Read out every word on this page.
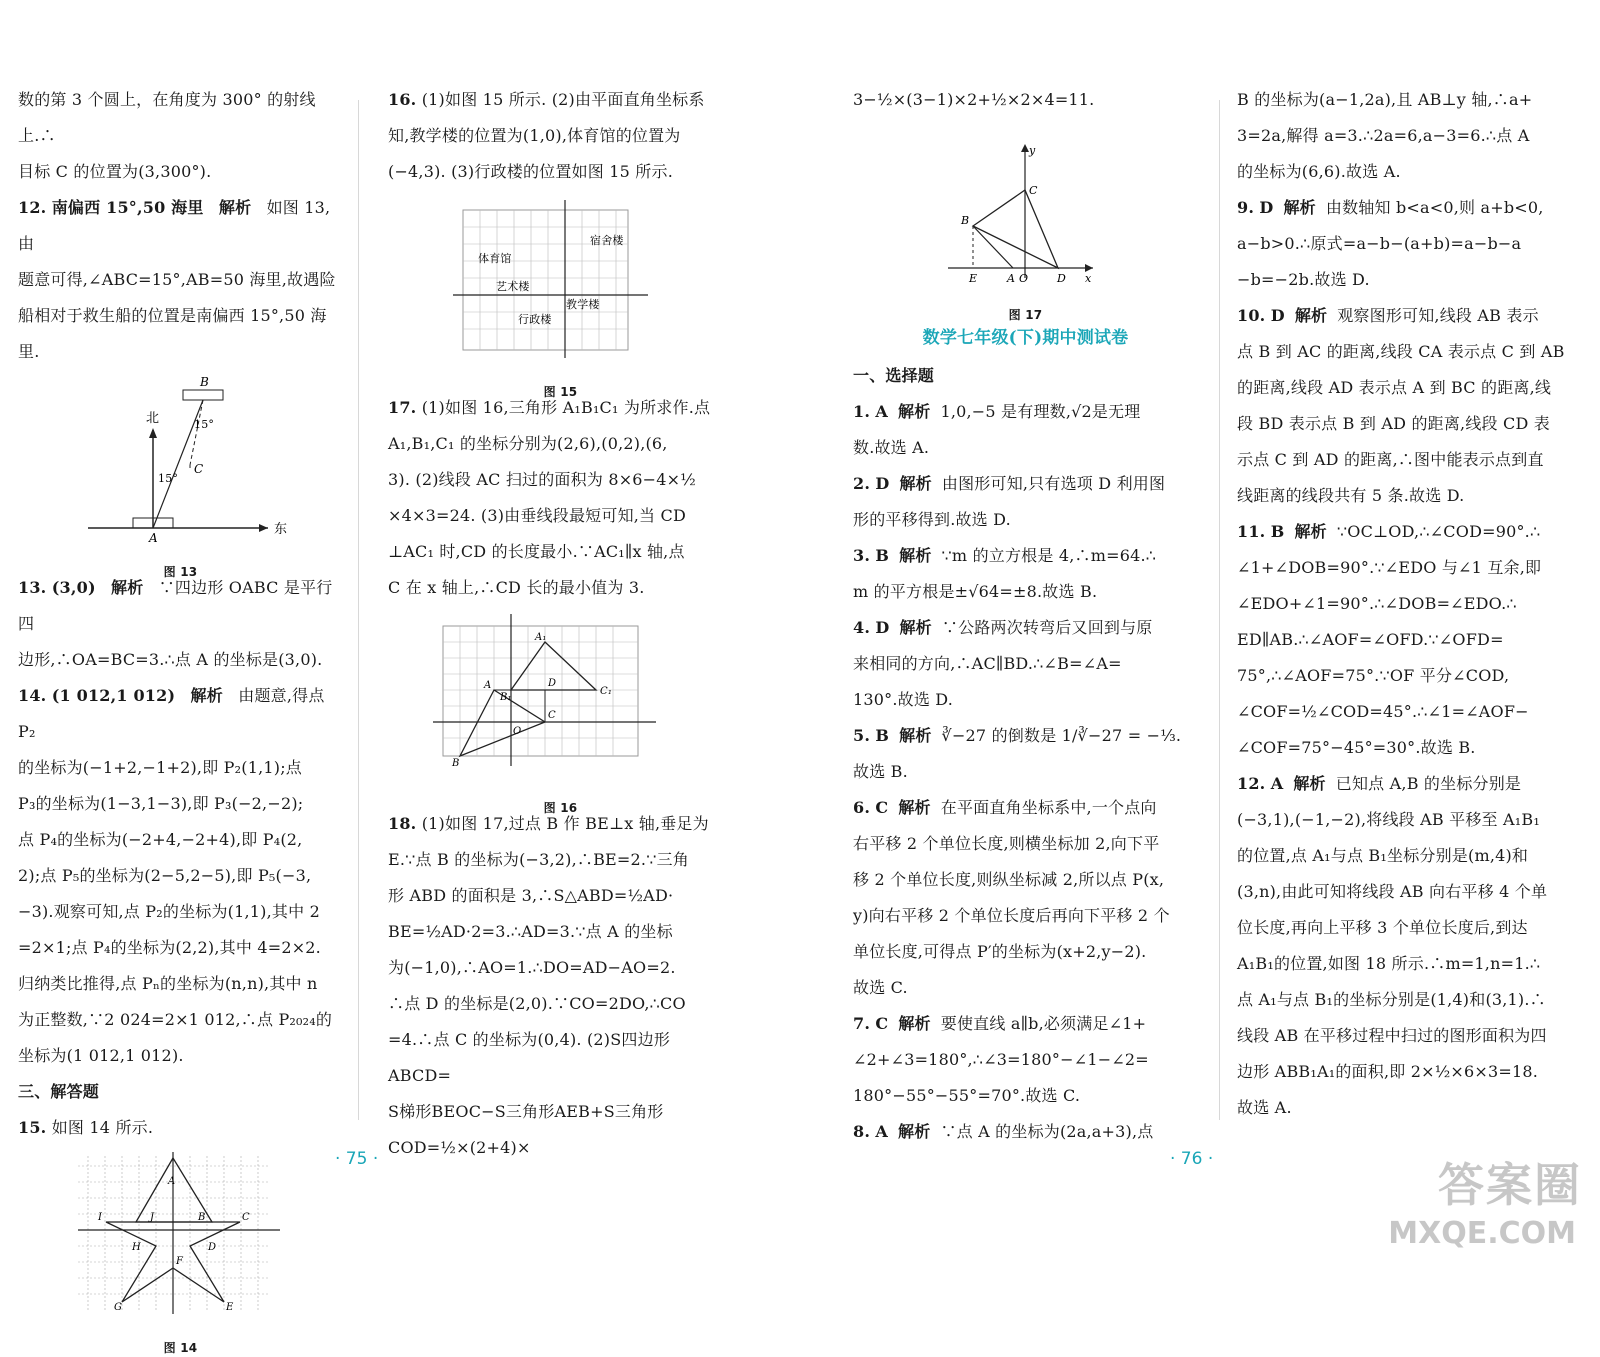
数的第 3 个圆上，在角度为 300° 的射线上.∴

目标 C 的位置为(3,300°).

12. 南偏西 15°,50 海里 解析 如图 13,由

题意可得,∠ABC=15°,AB=50 海里,故遇险

船相对于救生船的位置是南偏西 15°,50 海里.

东
北
B
C
A
15°
15°
图 13

13. (3,0) 解析 ∵四边形 OABC 是平行四

边形,∴OA=BC=3.∴点 A 的坐标是(3,0).

14. (1 012,1 012) 解析 由题意,得点 P₂

的坐标为(−1+2,−1+2),即 P₂(1,1);点

P₃的坐标为(1−3,1−3),即 P₃(−2,−2);

点 P₄的坐标为(−2+4,−2+4),即 P₄(2,

2);点 P₅的坐标为(2−5,2−5),即 P₅(−3,

−3).观察可知,点 P₂的坐标为(1,1),其中 2

=2×1;点 P₄的坐标为(2,2),其中 4=2×2.

归纳类比推得,点 Pₙ的坐标为(n,n),其中 n

为正整数,∵2 024=2×1 012,∴点 P₂₀₂₄的

坐标为(1 012,1 012).

三、解答题

15. 如图 14 所示.

A
B	C
D
E
F
G
H
I	J
图 14

16. (1)如图 15 所示. (2)由平面直角坐标系

知,教学楼的位置为(1,0),体育馆的位置为

(−4,3). (3)行政楼的位置如图 15 所示.

体育馆
宿舍楼
艺术楼
教学楼
行政楼
图 15

17. (1)如图 16,三角形 A₁B₁C₁ 为所求作.点

A₁,B₁,C₁ 的坐标分别为(2,6),(0,2),(6,

3). (2)线段 AC 扫过的面积为 8×6−4×½

×4×3=24. (3)由垂线段最短可知,当 CD

⊥AC₁ 时,CD 的长度最小.∵AC₁∥x 轴,点

C 在 x 轴上,∴CD 长的最小值为 3.

A₁
A
B₁
D
C₁
O
C
B
图 16

18. (1)如图 17,过点 B 作 BE⊥x 轴,垂足为

E.∵点 B 的坐标为(−3,2),∴BE=2.∵三角

形 ABD 的面积是 3,∴S△ABD=½AD·

BE=½AD·2=3.∴AD=3.∵点 A 的坐标

为(−1,0),∴AO=1.∴DO=AD−AO=2.

∴点 D 的坐标是(2,0).∵CO=2DO,∴CO

=4.∴点 C 的坐标为(0,4). (2)S四边形ABCD=

S梯形BEOC−S三角形AEB+S三角形COD=½×(2+4)×

· 75 ·

3−½×(3−1)×2+½×2×4=11.

y
C
B
E	A O	D x
图 17

数学七年级(下)期中测试卷

一、选择题

1. A 解析 1,0,−5 是有理数,√2是无理

数.故选 A.

2. D 解析 由图形可知,只有选项 D 利用图

形的平移得到.故选 D.

3. B 解析 ∵m 的立方根是 4,∴m=64.∴

m 的平方根是±√64=±8.故选 B.

4. D 解析 ∵公路两次转弯后又回到与原

来相同的方向,∴AC∥BD.∴∠B=∠A=

130°.故选 D.

5. B 解析 ∛−27 的倒数是 1/∛−27 = −⅓.

故选 B.

6. C 解析 在平面直角坐标系中,一个点向

右平移 2 个单位长度,则横坐标加 2,向下平

移 2 个单位长度,则纵坐标减 2,所以点 P(x,

y)向右平移 2 个单位长度后再向下平移 2 个

单位长度,可得点 P′的坐标为(x+2,y−2).

故选 C.

7. C 解析 要使直线 a∥b,必须满足∠1+

∠2+∠3=180°,∴∠3=180°−∠1−∠2=

180°−55°−55°=70°.故选 C.

8. A 解析 ∵点 A 的坐标为(2a,a+3),点

B 的坐标为(a−1,2a),且 AB⊥y 轴,∴a+

3=2a,解得 a=3.∴2a=6,a−3=6.∴点 A

的坐标为(6,6).故选 A.

9. D 解析 由数轴知 b<a<0,则 a+b<0,

a−b>0.∴原式=a−b−(a+b)=a−b−a

−b=−2b.故选 D.

10. D 解析 观察图形可知,线段 AB 表示

点 B 到 AC 的距离,线段 CA 表示点 C 到 AB

的距离,线段 AD 表示点 A 到 BC 的距离,线

段 BD 表示点 B 到 AD 的距离,线段 CD 表

示点 C 到 AD 的距离,∴图中能表示点到直

线距离的线段共有 5 条.故选 D.

11. B 解析 ∵OC⊥OD,∴∠COD=90°.∴

∠1+∠DOB=90°.∵∠EDO 与∠1 互余,即

∠EDO+∠1=90°.∴∠DOB=∠EDO.∴

ED∥AB.∴∠AOF=∠OFD.∵∠OFD=

75°,∴∠AOF=75°.∵OF 平分∠COD,

∠COF=½∠COD=45°.∴∠1=∠AOF−

∠COF=75°−45°=30°.故选 B.

12. A 解析 已知点 A,B 的坐标分别是

(−3,1),(−1,−2),将线段 AB 平移至 A₁B₁

的位置,点 A₁与点 B₁坐标分别是(m,4)和

(3,n),由此可知将线段 AB 向右平移 4 个单

位长度,再向上平移 3 个单位长度后,到达

A₁B₁的位置,如图 18 所示.∴m=1,n=1.∴

点 A₁与点 B₁的坐标分别是(1,4)和(3,1).∴

线段 AB 在平移过程中扫过的图形面积为四

边形 ABB₁A₁的面积,即 2×½×6×3=18.

故选 A.

· 76 ·	答案圈
MXQE.COM
